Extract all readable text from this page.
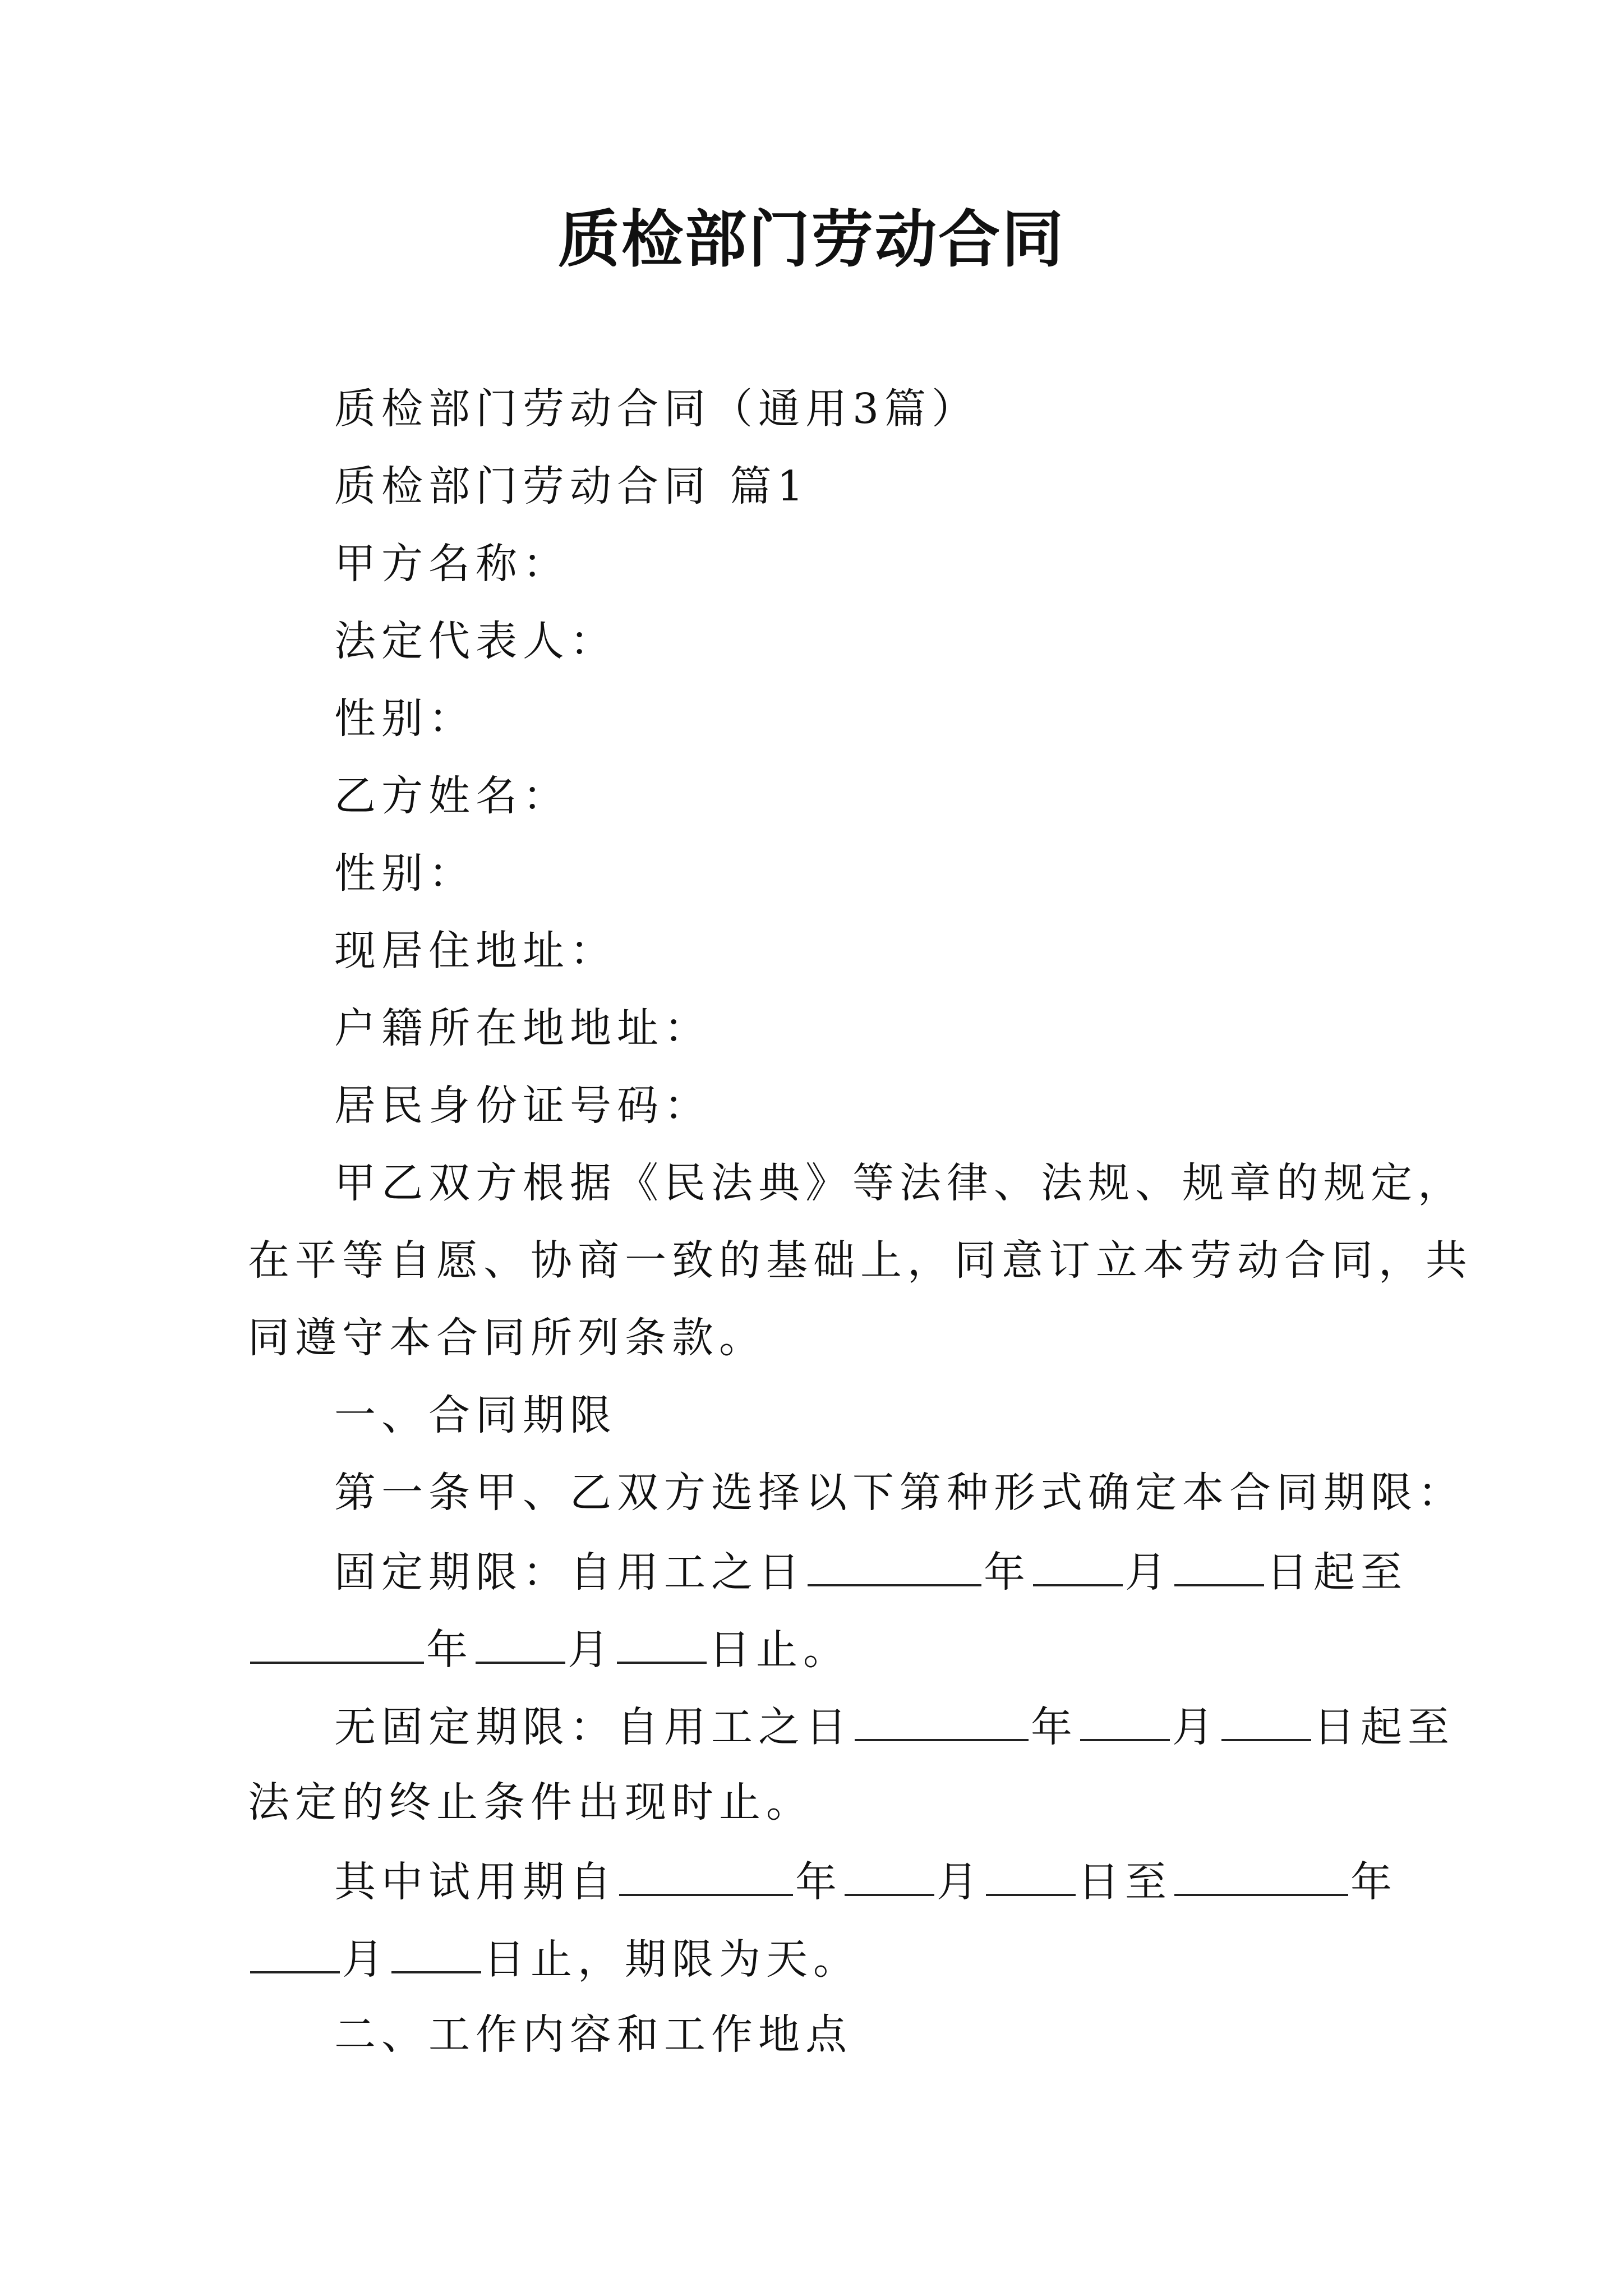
质检部门劳动合同
质检部门劳动合同（通用3篇）
质检部门劳动合同 篇1
甲方名称：
法定代表人：
性别：
乙方姓名：
性别：
现居住地址：
户籍所在地地址：
居民身份证号码：
甲乙双方根据《民法典》等法律、法规、规章的规定，
在平等自愿、协商一致的基础上，同意订立本劳动合同，共
同遵守本合同所列条款。
一、合同期限
第一条甲、乙双方选择以下第种形式确定本合同期限：
固定期限：自用工之日	年 月 日起至
年 月 日止。
无固定期限：自用工之日	年 月 日起至
法定的终止条件出现时止。
其中试用期自	年 月 日至	年
月 日止，期限为天。
二、工作内容和工作地点
